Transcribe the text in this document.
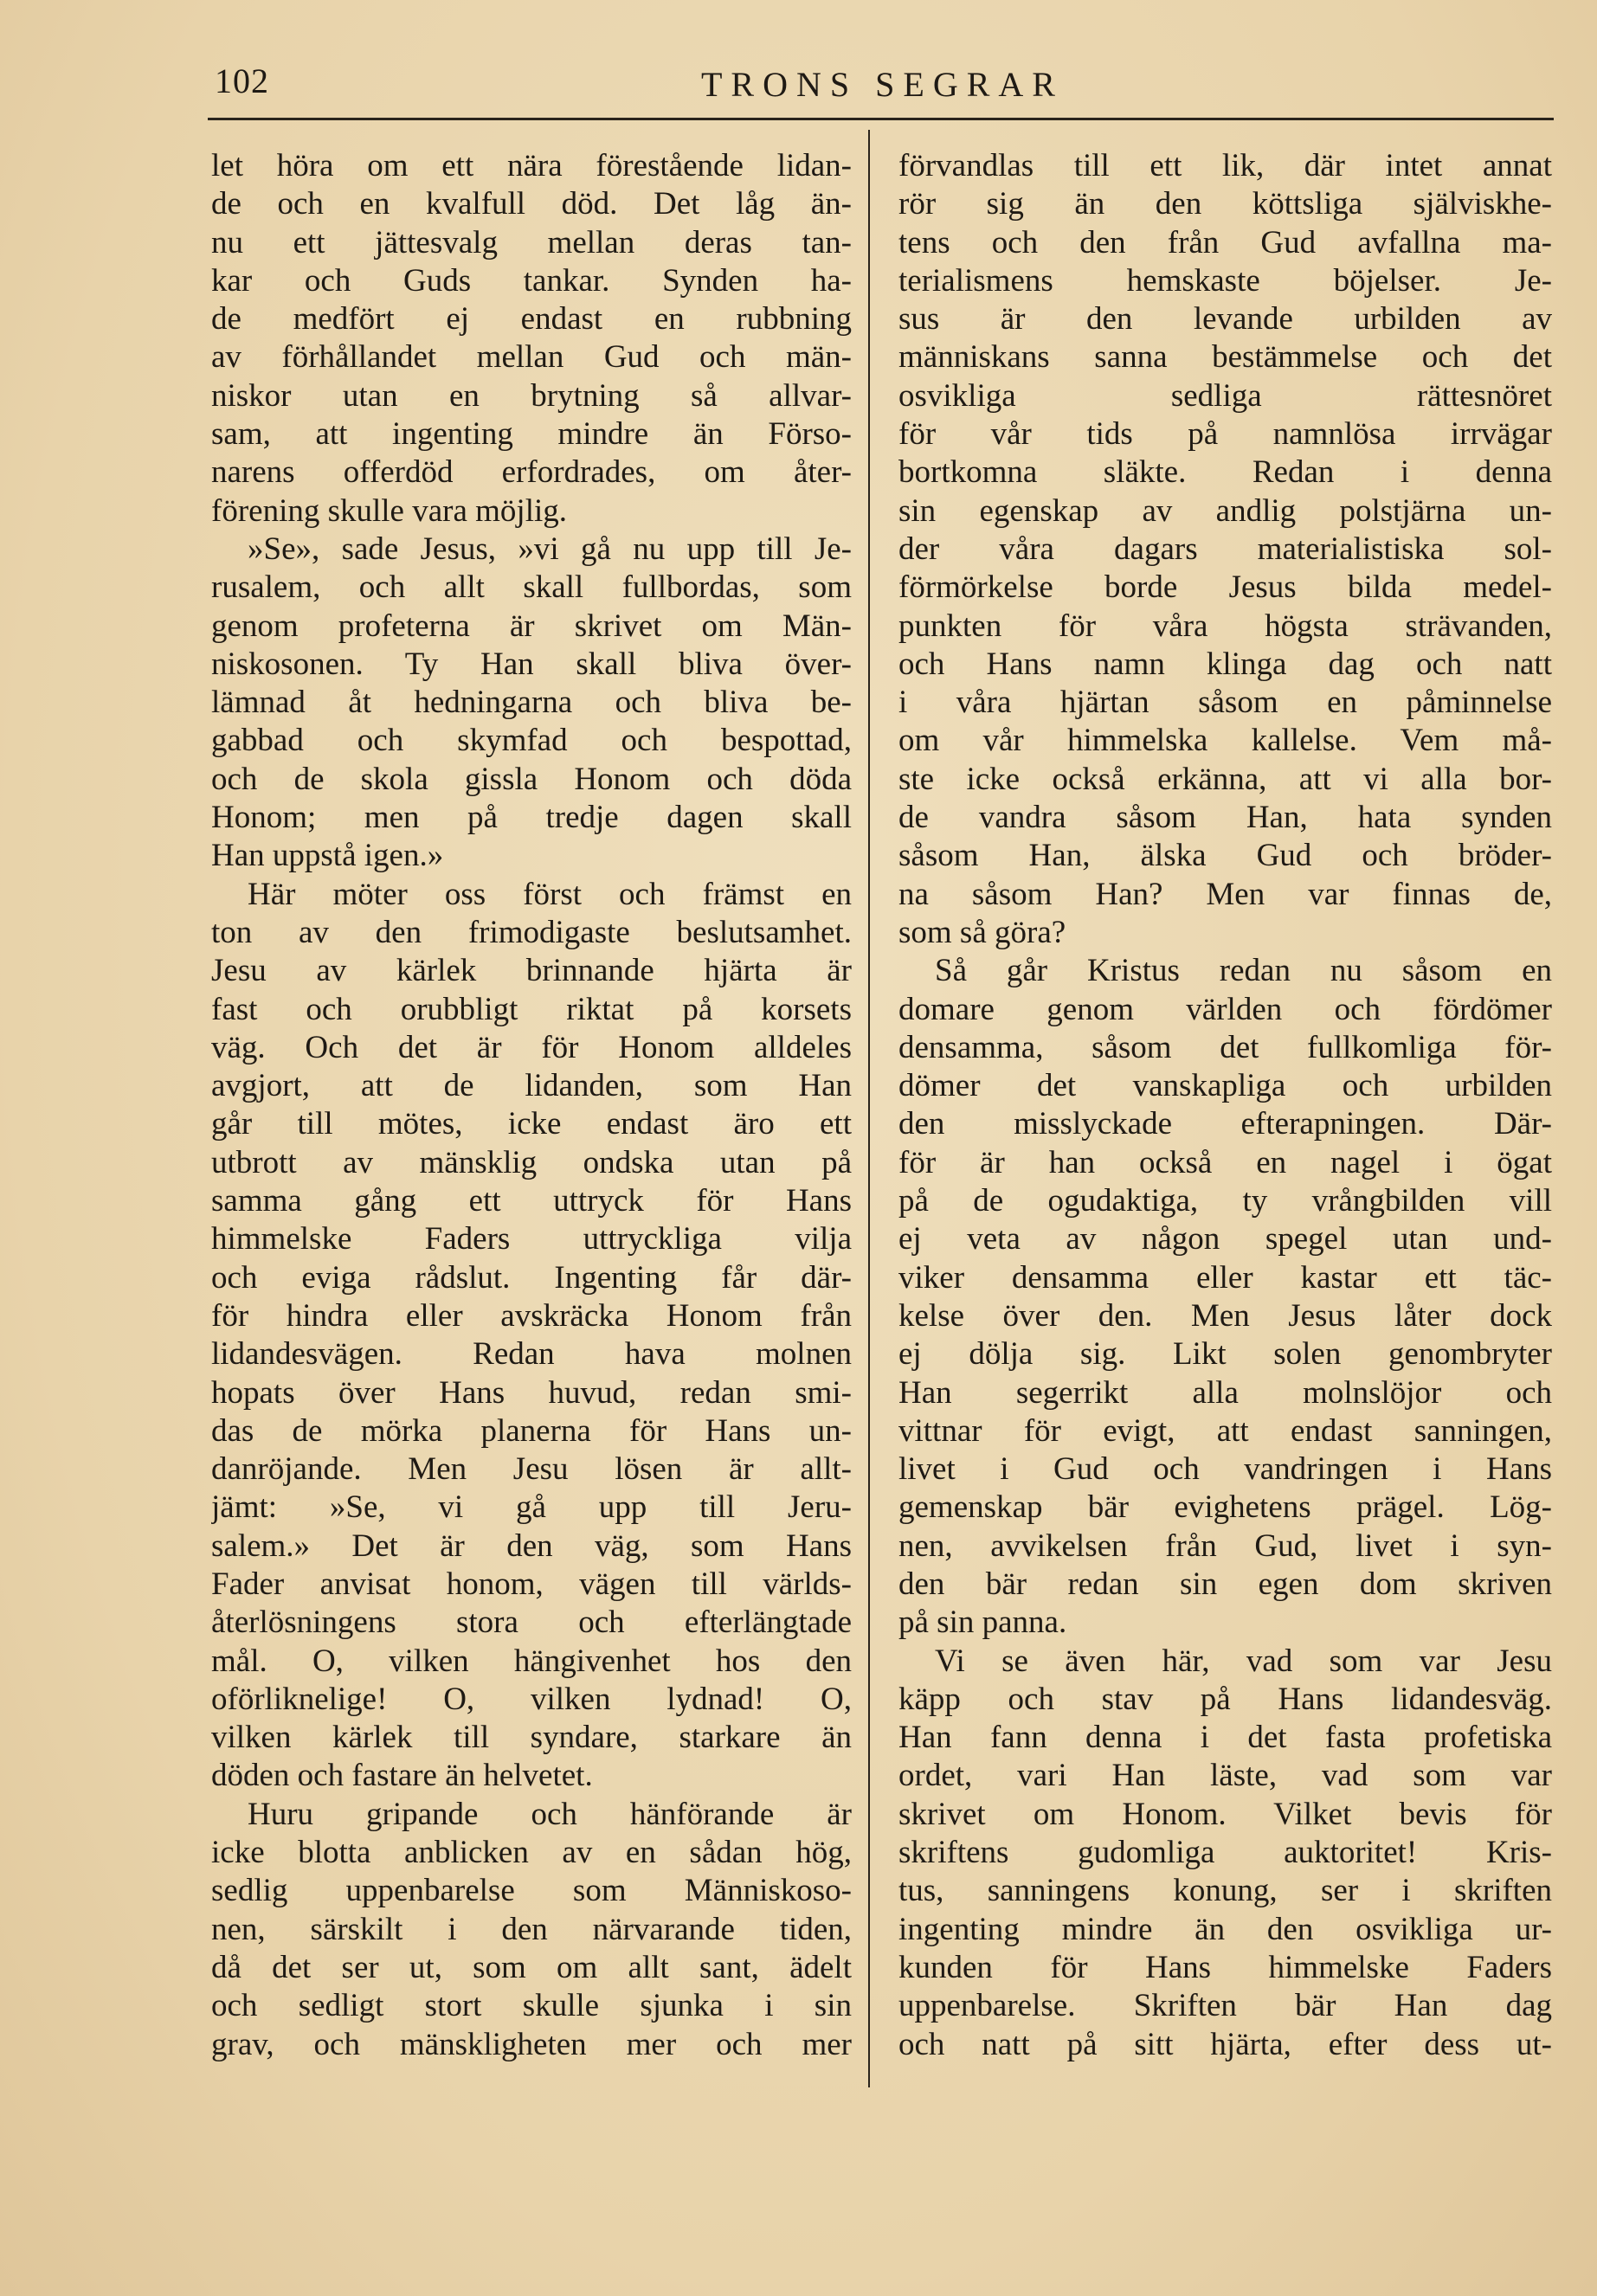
102	TRONS SEGRAR
let höra om ett nära förestående lidan-
de och en kvalfull död. Det låg än-
nu ett jättesvalg mellan deras tan-
kar och Guds tankar. Synden ha-
de medfört ej endast en rubbning
av förhållandet mellan Gud och män-
niskor utan en brytning så allvar-
sam, att ingenting mindre än Förso-
narens offerdöd erfordrades, om åter-
förening skulle vara möjlig.
»Se», sade Jesus, »vi gå nu upp till Je-
rusalem, och allt skall fullbordas, som
genom profeterna är skrivet om Män-
niskosonen. Ty Han skall bliva över-
lämnad åt hedningarna och bliva be-
gabbad och skymfad och bespottad,
och de skola gissla Honom och döda
Honom; men på tredje dagen skall
Han uppstå igen.»
Här möter oss först och främst en
ton av den frimodigaste beslutsamhet.
Jesu av kärlek brinnande hjärta är
fast och orubbligt riktat på korsets
väg. Och det är för Honom alldeles
avgjort, att de lidanden, som Han
går till mötes, icke endast äro ett
utbrott av mänsklig ondska utan på
samma gång ett uttryck för Hans
himmelske Faders uttryckliga vilja
och eviga rådslut. Ingenting får där-
för hindra eller avskräcka Honom från
lidandesvägen. Redan hava molnen
hopats över Hans huvud, redan smi-
das de mörka planerna för Hans un-
danröjande. Men Jesu lösen är allt-
jämt: »Se, vi gå upp till Jeru-
salem.» Det är den väg, som Hans
Fader anvisat honom, vägen till världs-
återlösningens stora och efterlängtade
mål. O, vilken hängivenhet hos den
oförliknelige! O, vilken lydnad! O,
vilken kärlek till syndare, starkare än
döden och fastare än helvetet.
Huru gripande och hänförande är
icke blotta anblicken av en sådan hög,
sedlig uppenbarelse som Människoso-
nen, särskilt i den närvarande tiden,
då det ser ut, som om allt sant, ädelt
och sedligt stort skulle sjunka i sin
grav, och mänskligheten mer och mer
förvandlas till ett lik, där intet annat
rör sig än den köttsliga själviskhe-
tens och den från Gud avfallna ma-
terialismens hemskaste böjelser. Je-
sus är den levande urbilden av
människans sanna bestämmelse och det
osvikliga sedliga rättesnöret
för vår tids på namnlösa irrvägar
bortkomna släkte. Redan i denna
sin egenskap av andlig polstjärna un-
der våra dagars materialistiska sol-
förmörkelse borde Jesus bilda medel-
punkten för våra högsta strävanden,
och Hans namn klinga dag och natt
i våra hjärtan såsom en påminnelse
om vår himmelska kallelse. Vem må-
ste icke också erkänna, att vi alla bor-
de vandra såsom Han, hata synden
såsom Han, älska Gud och bröder-
na såsom Han? Men var finnas de,
som så göra?
Så går Kristus redan nu såsom en
domare genom världen och fördömer
densamma, såsom det fullkomliga för-
dömer det vanskapliga och urbilden
den misslyckade efterapningen. Där-
för är han också en nagel i ögat
på de ogudaktiga, ty vrångbilden vill
ej veta av någon spegel utan und-
viker densamma eller kastar ett täc-
kelse över den. Men Jesus låter dock
ej dölja sig. Likt solen genombryter
Han segerrikt alla molnslöjor och
vittnar för evigt, att endast sanningen,
livet i Gud och vandringen i Hans
gemenskap bär evighetens prägel. Lög-
nen, avvikelsen från Gud, livet i syn-
den bär redan sin egen dom skriven
på sin panna.
Vi se även här, vad som var Jesu
käpp och stav på Hans lidandesväg.
Han fann denna i det fasta profetiska
ordet, vari Han läste, vad som var
skrivet om Honom. Vilket bevis för
skriftens gudomliga auktoritet! Kris-
tus, sanningens konung, ser i skriften
ingenting mindre än den osvikliga ur-
kunden för Hans himmelske Faders
uppenbarelse. Skriften bär Han dag
och natt på sitt hjärta, efter dess ut-
